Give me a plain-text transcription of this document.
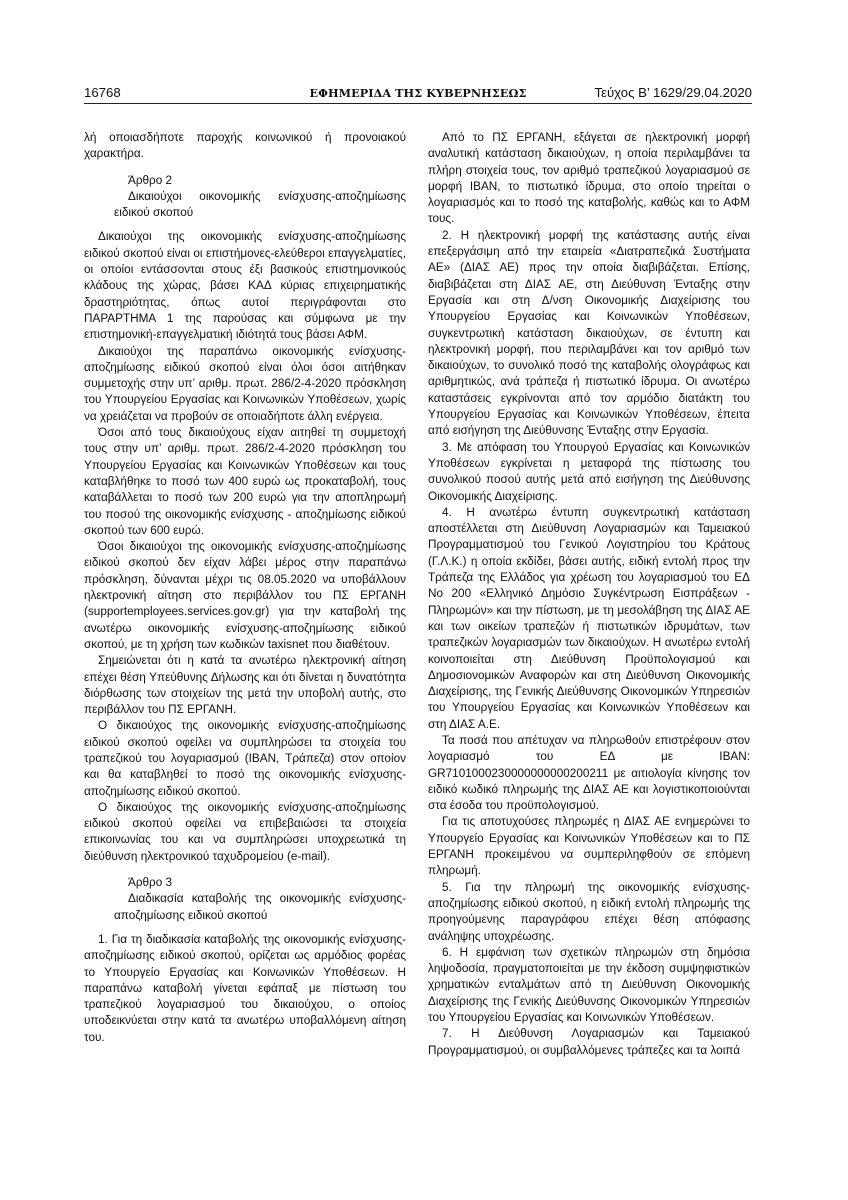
16768	ΕΦΗΜΕΡΙΔΑ ΤΗΣ ΚΥΒΕΡΝΗΣΕΩΣ	Τεύχος Β’ 1629/29.04.2020

λή οποιασδήποτε παροχής κοινωνικού ή προνοιακού χαρακτήρα.

Άρθρο 2

Δικαιούχοι οικονομικής ενίσχυσης-αποζημίωσης ειδικού σκοπού

Δικαιούχοι της οικονομικής ενίσχυσης-αποζημίωσης ειδικού σκοπού είναι οι επιστήμονες-ελεύθεροι επαγγελματίες, οι οποίοι εντάσσονται στους έξι βασικούς επιστημονικούς κλάδους της χώρας, βάσει ΚΑΔ κύριας επιχειρηματικής δραστηριότητας, όπως αυτοί περιγράφονται στο ΠΑΡΑΡΤΗΜΑ 1 της παρούσας και σύμφωνα με την επιστημονική-επαγγελματική ιδιότητά τους βάσει ΑΦΜ.

Δικαιούχοι της παραπάνω οικονομικής ενίσχυσης-αποζημίωσης ειδικού σκοπού είναι όλοι όσοι αιτήθηκαν συμμετοχής στην υπ’ αριθμ. πρωτ. 286/2-4-2020 πρόσκληση του Υπουργείου Εργασίας και Κοινωνικών Υποθέσεων, χωρίς να χρειάζεται να προβούν σε οποιαδήποτε άλλη ενέργεια.

Όσοι από τους δικαιούχους είχαν αιτηθεί τη συμμετοχή τους στην υπ’ αριθμ. πρωτ. 286/2-4-2020 πρόσκληση του Υπουργείου Εργασίας και Κοινωνικών Υποθέσεων και τους καταβλήθηκε το ποσό των 400 ευρώ ως προκαταβολή, τους καταβάλλεται το ποσό των 200 ευρώ για την αποπληρωμή του ποσού της οικονομικής ενίσχυσης - αποζημίωσης ειδικού σκοπού των 600 ευρώ.

Όσοι δικαιούχοι της οικονομικής ενίσχυσης-αποζημίωσης ειδικού σκοπού δεν είχαν λάβει μέρος στην παραπάνω πρόσκληση, δύνανται μέχρι τις 08.05.2020 να υποβάλλουν ηλεκτρονική αίτηση στο περιβάλλον του ΠΣ ΕΡΓΑΝΗ (supportemployees.services.gov.gr) για την καταβολή της ανωτέρω οικονομικής ενίσχυσης-αποζημίωσης ειδικού σκοπού, με τη χρήση των κωδικών taxisnet που διαθέτουν.

Σημειώνεται ότι η κατά τα ανωτέρω ηλεκτρονική αίτηση επέχει θέση Υπεύθυνης Δήλωσης και ότι δίνεται η δυνατότητα διόρθωσης των στοιχείων της μετά την υποβολή αυτής, στο περιβάλλον του ΠΣ ΕΡΓΑΝΗ.

Ο δικαιούχος της οικονομικής ενίσχυσης-αποζημίωσης ειδικού σκοπού οφείλει να συμπληρώσει τα στοιχεία του τραπεζικού του λογαριασμού (IBAN, Τράπεζα) στον οποίον και θα καταβληθεί το ποσό της οικονομικής ενίσχυσης-αποζημίωσης ειδικού σκοπού.

Ο δικαιούχος της οικονομικής ενίσχυσης-αποζημίωσης ειδικού σκοπού οφείλει να επιβεβαιώσει τα στοιχεία επικοινωνίας του και να συμπληρώσει υποχρεωτικά τη διεύθυνση ηλεκτρονικού ταχυδρομείου (e-mail).

Άρθρο 3

Διαδικασία καταβολής της οικονομικής ενίσχυσης-αποζημίωσης ειδικού σκοπού

1. Για τη διαδικασία καταβολής της οικονομικής ενίσχυσης-αποζημίωσης ειδικού σκοπού, ορίζεται ως αρμόδιος φορέας το Υπουργείο Εργασίας και Κοινωνικών Υποθέσεων. Η παραπάνω καταβολή γίνεται εφάπαξ με πίστωση του τραπεζικού λογαριασμού του δικαιούχου, ο οποίος υποδεικνύεται στην κατά τα ανωτέρω υποβαλλόμενη αίτηση του.

Από το ΠΣ ΕΡΓΑΝΗ, εξάγεται σε ηλεκτρονική μορφή αναλυτική κατάσταση δικαιούχων, η οποία περιλαμβάνει τα πλήρη στοιχεία τους, τον αριθμό τραπεζικού λογαριασμού σε μορφή IBAN, το πιστωτικό ίδρυμα, στο οποίο τηρείται ο λογαριασμός και το ποσό της καταβολής, καθώς και το ΑΦΜ τους.

2. Η ηλεκτρονική μορφή της κατάστασης αυτής είναι επεξεργάσιμη από την εταιρεία «Διατραπεζικά Συστήματα ΑΕ» (ΔΙΑΣ ΑΕ) προς την οποία διαβιβάζεται. Επίσης, διαβιβάζεται στη ΔΙΑΣ ΑΕ, στη Διεύθυνση Ένταξης στην Εργασία και στη Δ/νση Οικονομικής Διαχείρισης του Υπουργείου Εργασίας και Κοινωνικών Υποθέσεων, συγκεντρωτική κατάσταση δικαιούχων, σε έντυπη και ηλεκτρονική μορφή, που περιλαμβάνει και τον αριθμό των δικαιούχων, το συνολικό ποσό της καταβολής ολογράφως και αριθμητικώς, ανά τράπεζα ή πιστωτικό ίδρυμα. Οι ανωτέρω καταστάσεις εγκρίνονται από τον αρμόδιο διατάκτη του Υπουργείου Εργασίας και Κοινωνικών Υποθέσεων, έπειτα από εισήγηση της Διεύθυνσης Ένταξης στην Εργασία.

3. Με απόφαση του Υπουργού Εργασίας και Κοινωνικών Υποθέσεων εγκρίνεται η μεταφορά της πίστωσης του συνολικού ποσού αυτής μετά από εισήγηση της Διεύθυνσης Οικονομικής Διαχείρισης.

4. Η ανωτέρω έντυπη συγκεντρωτική κατάσταση αποστέλλεται στη Διεύθυνση Λογαριασμών και Ταμειακού Προγραμματισμού του Γενικού Λογιστηρίου του Κράτους (Γ.Λ.Κ.) η οποία εκδίδει, βάσει αυτής, ειδική εντολή προς την Τράπεζα της Ελλάδος για χρέωση του λογαριασμού του ΕΔ Νο 200 «Ελληνικό Δημόσιο Συγκέντρωση Εισπράξεων - Πληρωμών» και την πίστωση, με τη μεσολάβηση της ΔΙΑΣ ΑΕ και των οικείων τραπεζών ή πιστωτικών ιδρυμάτων, των τραπεζικών λογαριασμών των δικαιούχων. Η ανωτέρω εντολή κοινοποιείται στη Διεύθυνση Προϋπολογισμού και Δημοσιονομικών Αναφορών και στη Διεύθυνση Οικονομικής Διαχείρισης, της Γενικής Διεύθυνσης Οικονομικών Υπηρεσιών του Υπουργείου Εργασίας και Κοινωνικών Υποθέσεων και στη ΔΙΑΣ Α.Ε.

Τα ποσά που απέτυχαν να πληρωθούν επιστρέφουν στον λογαριασμό του ΕΔ με IBAN: GR7101000230000000000200211 με αιτιολογία κίνησης τον ειδικό κωδικό πληρωμής της ΔΙΑΣ ΑΕ και λογιστικοποιούνται στα έσοδα του προϋπολογισμού.

Για τις αποτυχούσες πληρωμές η ΔΙΑΣ ΑΕ ενημερώνει το Υπουργείο Εργασίας και Κοινωνικών Υποθέσεων και το ΠΣ ΕΡΓΑΝΗ προκειμένου να συμπεριληφθούν σε επόμενη πληρωμή.

5. Για την πληρωμή της οικονομικής ενίσχυσης-αποζημίωσης ειδικού σκοπού, η ειδική εντολή πληρωμής της προηγούμενης παραγράφου επέχει θέση απόφασης ανάληψης υποχρέωσης.

6. Η εμφάνιση των σχετικών πληρωμών στη δημόσια ληψοδοσία, πραγματοποιείται με την έκδοση συμψηφιστικών χρηματικών ενταλμάτων από τη Διεύθυνση Οικονομικής Διαχείρισης της Γενικής Διεύθυνσης Οικονομικών Υπηρεσιών του Υπουργείου Εργασίας και Κοινωνικών Υποθέσεων.

7. Η Διεύθυνση Λογαριασμών και Ταμειακού Προγραμματισμού, οι συμβαλλόμενες τράπεζες και τα λοιπά
